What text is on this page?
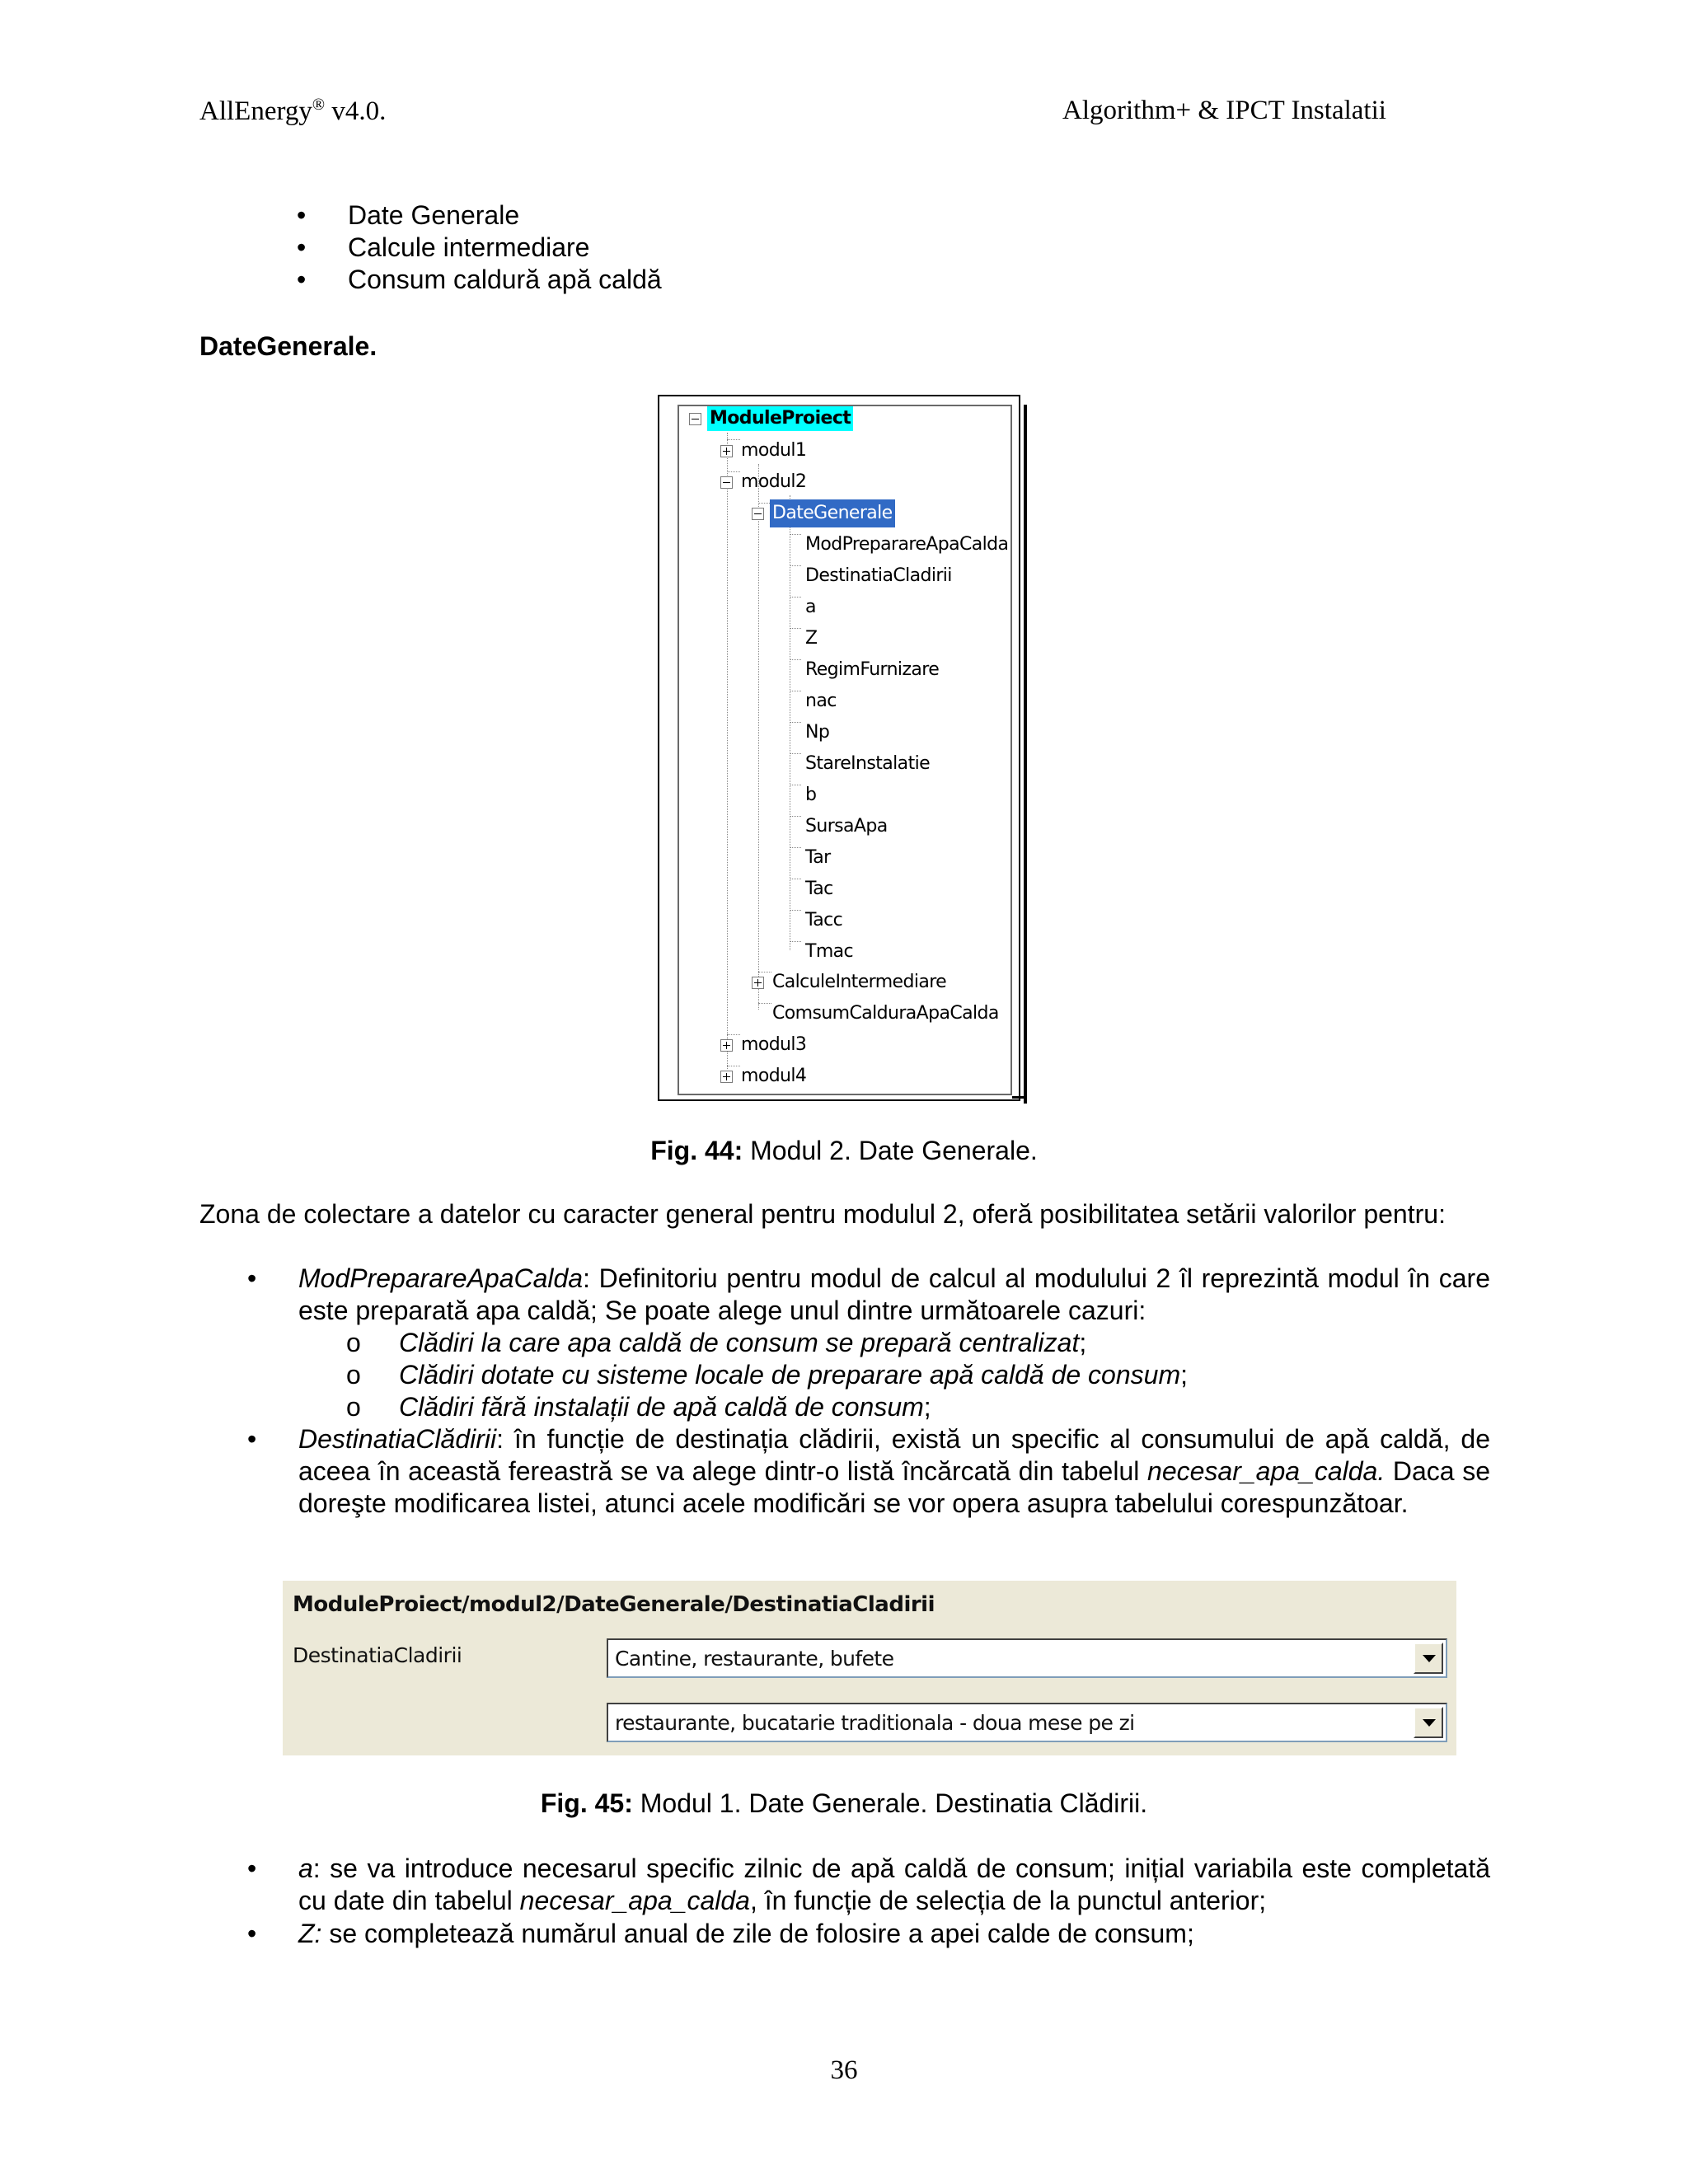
AllEnergy® v4.0.	Algorithm+ & IPCT Instalatii
• Date Generale
• Calcule intermediare
• Consum caldură apă caldă
DateGenerale.
ModuleProiect
modul1
modul2
DateGenerale
ModPreparareApaCalda
DestinatiaCladirii
a
Z
RegimFurnizare
nac
Np
StareInstalatie
b
SursaApa
Tar
Tac
Tacc
Tmac
CalculeIntermediare
ComsumCalduraApaCalda
modul3
modul4
Fig. 44: Modul 2. Date Generale.
Zona de colectare a datelor cu caracter general pentru modulul 2, oferă posibilitatea setării valorilor pentru:
• ModPreparareApaCalda: Definitoriu pentru modul de calcul al modulului 2 îl reprezintă modul în care este preparată apa caldă; Se poate alege unul dintre următoarele cazuri:
o Clădiri la care apa caldă de consum se prepară centralizat;
o Clădiri dotate cu sisteme locale de preparare apă caldă de consum;
o Clădiri fără instalații de apă caldă de consum;
• DestinatiaClădirii: în funcție de destinația clădirii, există un specific al consumului de apă caldă, de aceea în această fereastră se va alege dintr-o listă încărcată din tabelul necesar_apa_calda. Daca se doreşte modificarea listei, atunci acele modificări se vor opera asupra tabelului corespunzătoar.
ModuleProiect/modul2/DateGenerale/DestinatiaCladirii
DestinatiaCladirii	Cantine, restaurante, bufete
restaurante, bucatarie traditionala - doua mese pe zi
Fig. 45: Modul 1. Date Generale. Destinatia Clădirii.
• a: se va introduce necesarul specific zilnic de apă caldă de consum; inițial variabila este completată cu date din tabelul necesar_apa_calda, în funcție de selecția de la punctul anterior;
• Z: se completează numărul anual de zile de folosire a apei calde de consum;
36
